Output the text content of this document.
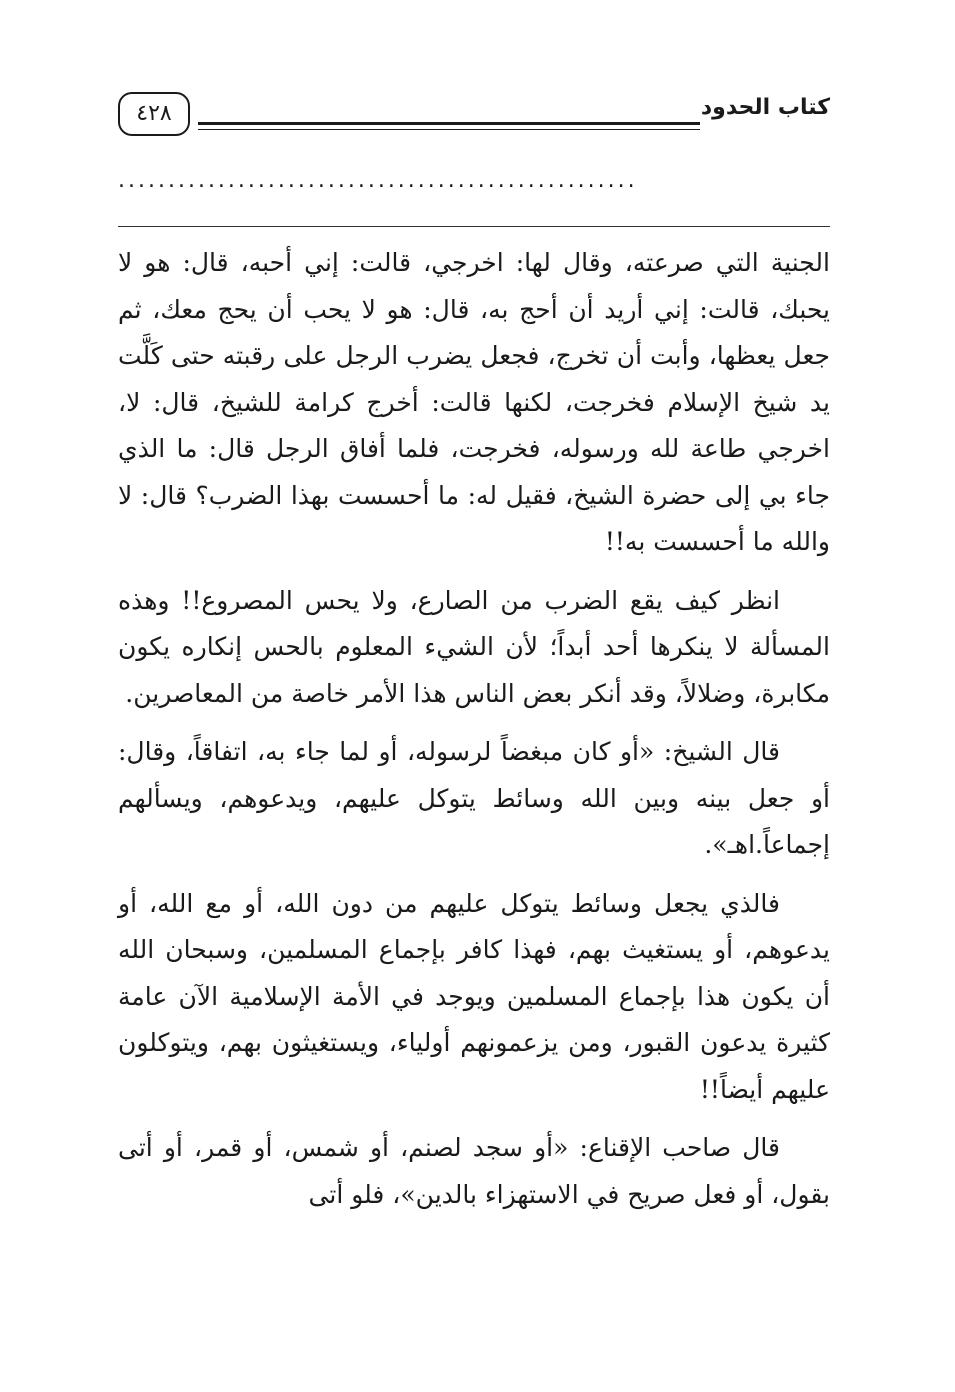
٤٢٨	كتاب الحدود
....................................................

الجنية التي صرعته، وقال لها: اخرجي، قالت: إني أحبه، قال: هو لا يحبك، قالت: إني أريد أن أحج به، قال: هو لا يحب أن يحج معك، ثم جعل يعظها، وأبت أن تخرج، فجعل يضرب الرجل على رقبته حتى كَلَّت يد شيخ الإسلام فخرجت، لكنها قالت: أخرج كرامة للشيخ، قال: لا، اخرجي طاعة لله ورسوله، فخرجت، فلما أفاق الرجل قال: ما الذي جاء بي إلى حضرة الشيخ، فقيل له: ما أحسست بهذا الضرب؟ قال: لا والله ما أحسست به!!

انظر كيف يقع الضرب من الصارع، ولا يحس المصروع!! وهذه المسألة لا ينكرها أحد أبداً؛ لأن الشيء المعلوم بالحس إنكاره يكون مكابرة، وضلالاً، وقد أنكر بعض الناس هذا الأمر خاصة من المعاصرين.

قال الشيخ: «أو كان مبغضاً لرسوله، أو لما جاء به، اتفاقاً، وقال: أو جعل بينه وبين الله وسائط يتوكل عليهم، ويدعوهم، ويسألهم إجماعاً.اهـ».

فالذي يجعل وسائط يتوكل عليهم من دون الله، أو مع الله، أو يدعوهم، أو يستغيث بهم، فهذا كافر بإجماع المسلمين، وسبحان الله أن يكون هذا بإجماع المسلمين ويوجد في الأمة الإسلامية الآن عامة كثيرة يدعون القبور، ومن يزعمونهم أولياء، ويستغيثون بهم، ويتوكلون عليهم أيضاً!!

قال صاحب الإقناع: «أو سجد لصنم، أو شمس، أو قمر، أو أتى بقول، أو فعل صريح في الاستهزاء بالدين»، فلو أتى
